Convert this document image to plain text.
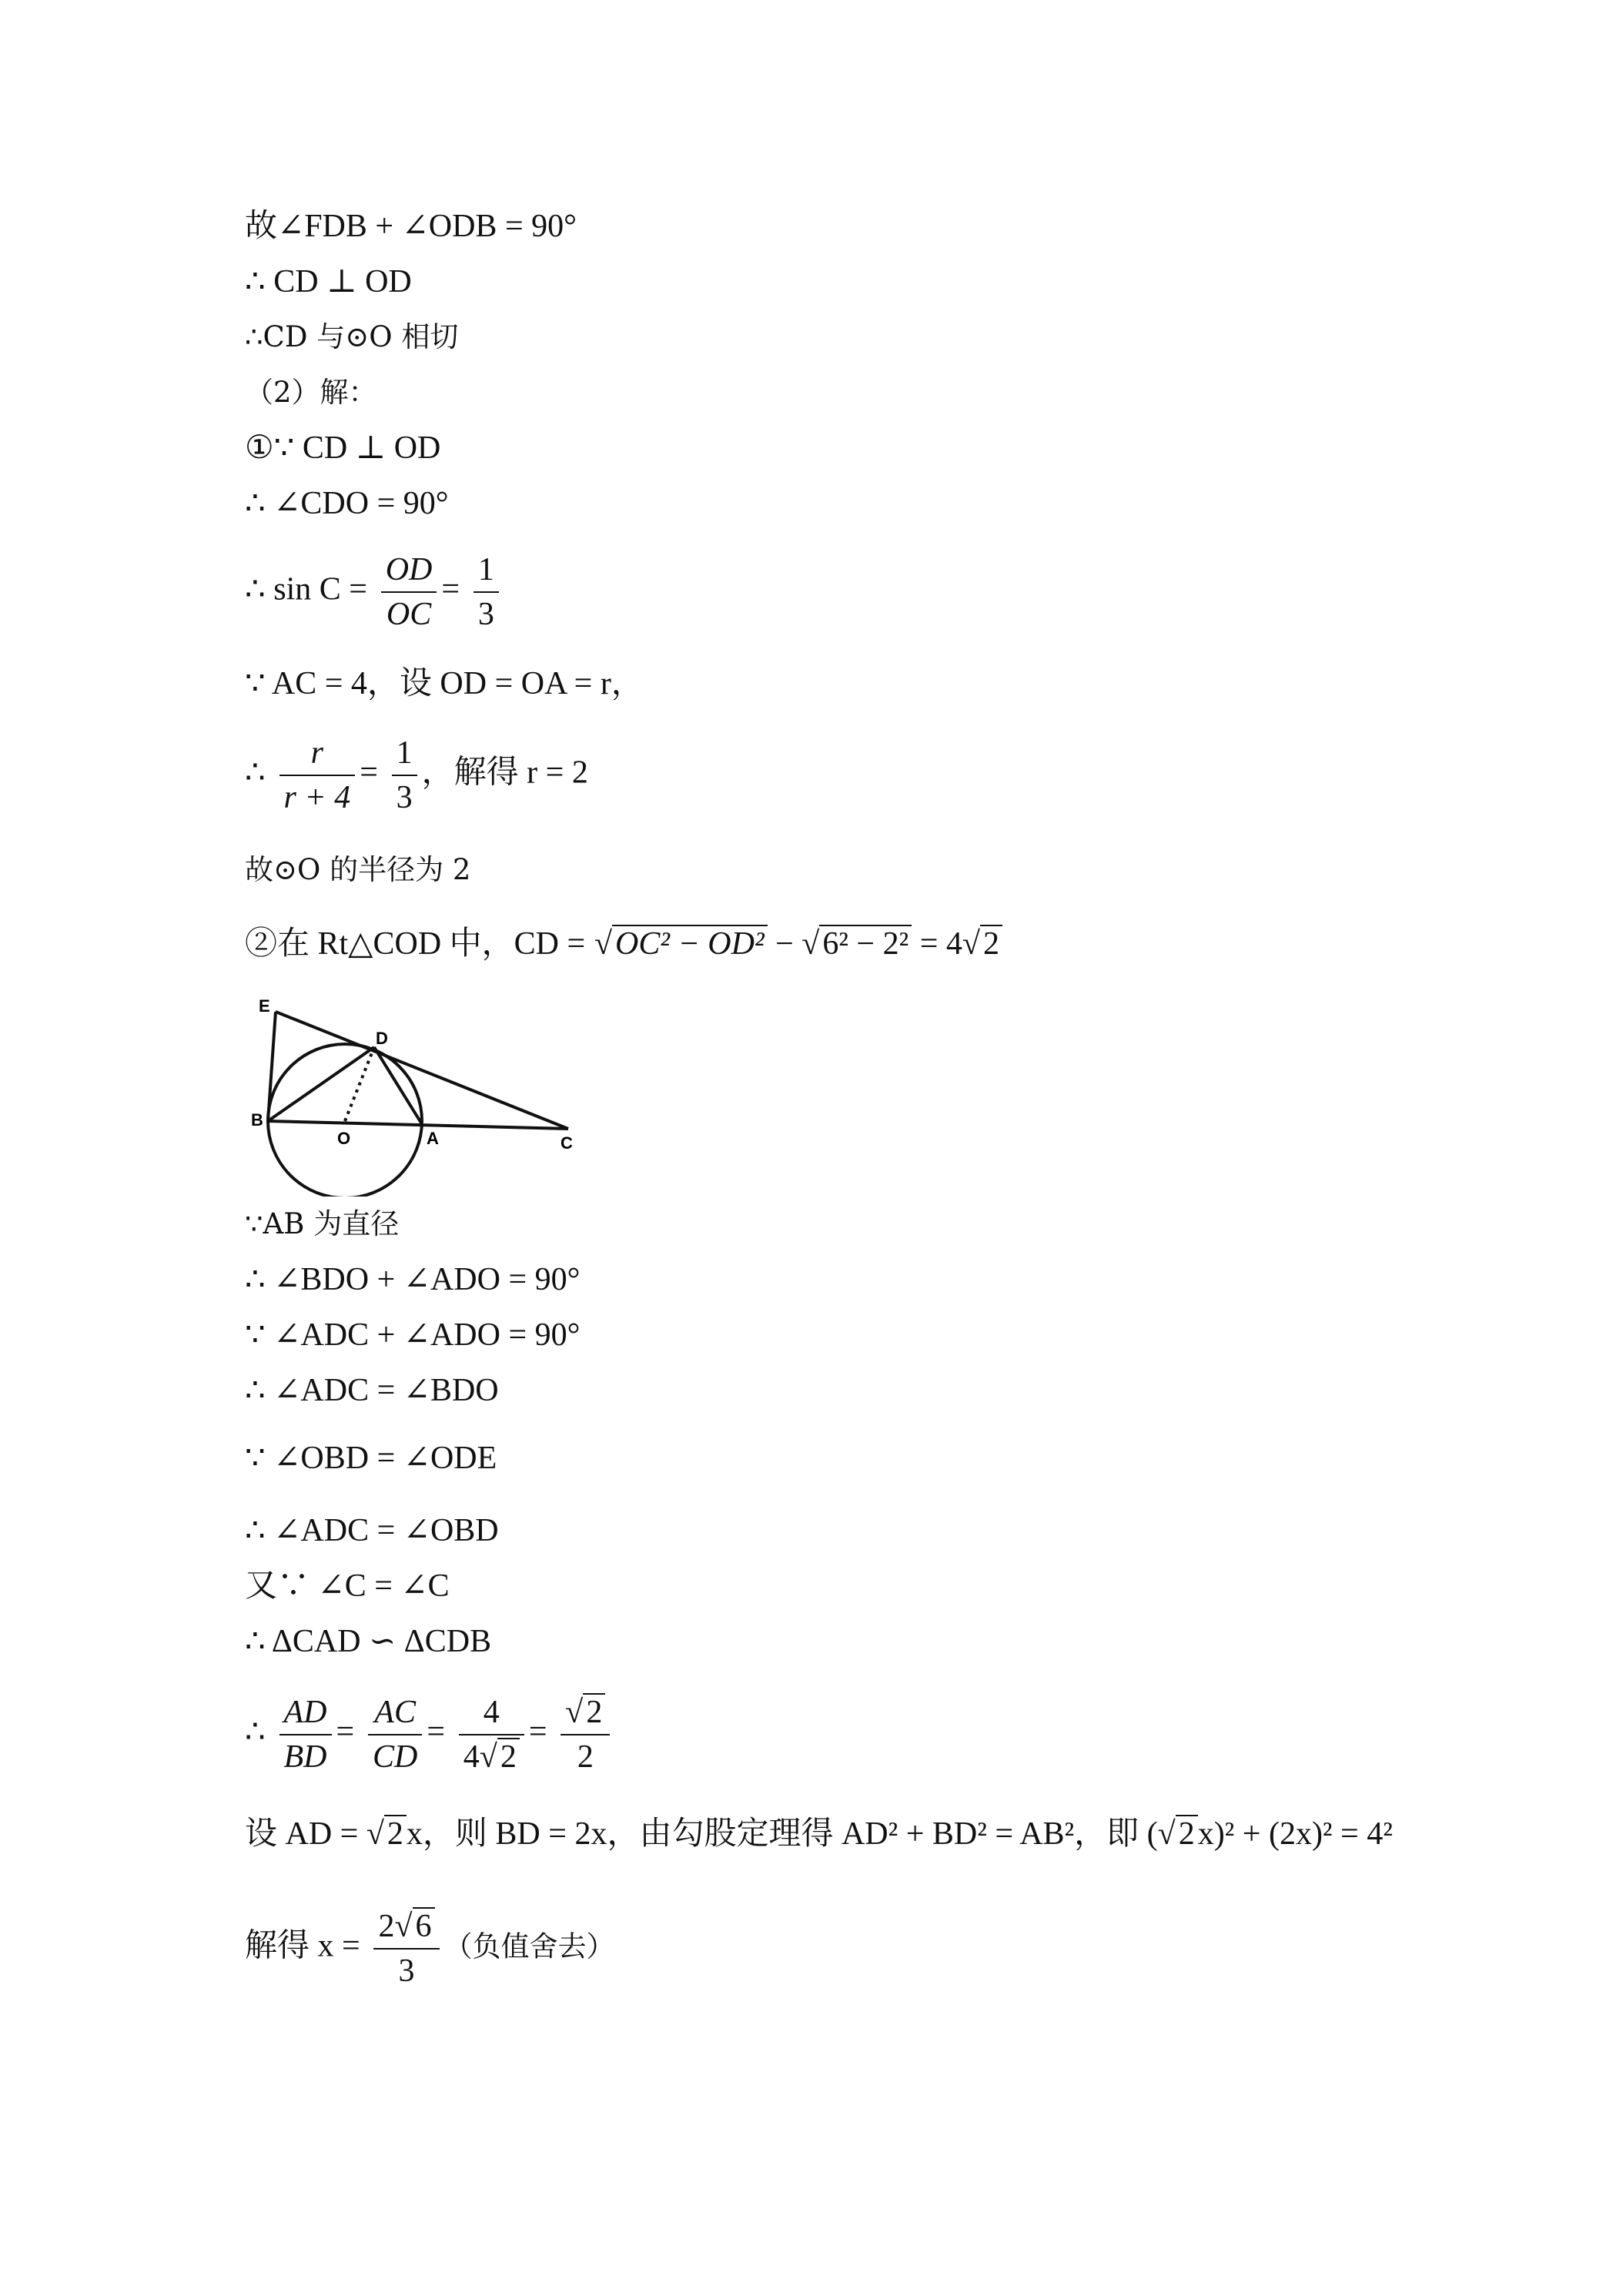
故∠FDB + ∠ODB = 90°
∴ CD ⊥ OD
∴CD 与⊙O 相切
（2）解：
①∵ CD ⊥ OD
∴ ∠CDO = 90°
∴ $\sin C = \frac{OD}{OC} = \frac{1}{3}$
∵ AC = 4，设 OD = OA = r，
∴ $\frac{r}{r + 4} = \frac{1}{3}$ ，解得 r = 2
故⊙O 的半径为 2
②在 Rt△COD 中，CD = √OC² − OD² − √6² − 2² = 4√2
E
D
B
O	A	C
∵AB 为直径
∴ ∠BDO + ∠ADO = 90°
∵ ∠ADC + ∠ADO = 90°
∴ ∠ADC = ∠BDO
∵ ∠OBD = ∠ODE
∴ ∠ADC = ∠OBD
又∵ ∠C = ∠C
∴ ΔCAD ∽ ΔCDB
∴ $\frac{AD}{BD} = \frac{AC}{CD} = \frac{4}{4√2} = \frac{√2}{2}$
设 AD = √2x，则 BD = 2x，由勾股定理得 AD² + BD² = AB²，即 (√2x)² + (2x)² = 4²
解得 $x = \frac{2√6}{3}$ （负值舍去）
